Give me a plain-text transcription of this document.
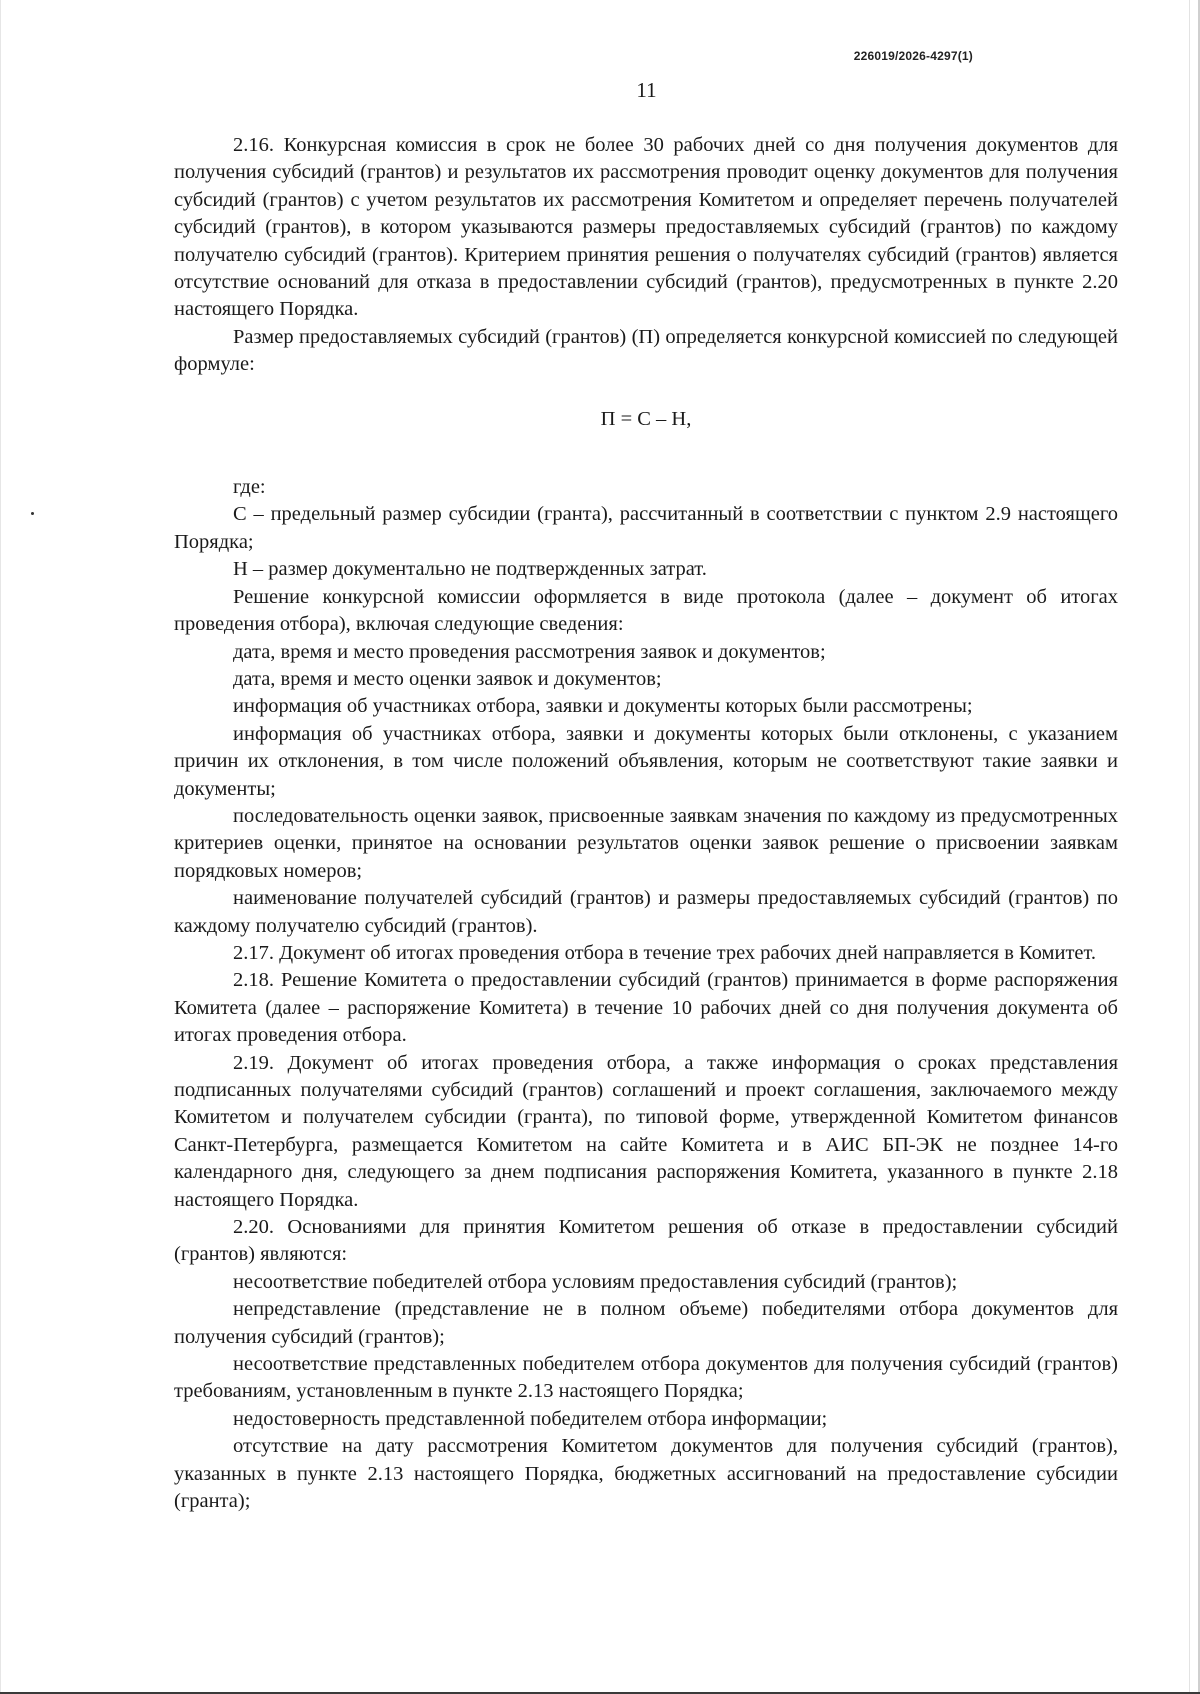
226019/2026-4297(1)
11

2.16. Конкурсная комиссия в срок не более 30 рабочих дней со дня получения документов для получения субсидий (грантов) и результатов их рассмотрения проводит оценку документов для получения субсидий (грантов) с учетом результатов их рассмотрения Комитетом и определяет перечень получателей субсидий (грантов), в котором указываются размеры предоставляемых субсидий (грантов) по каждому получателю субсидий (грантов). Критерием принятия решения о получателях субсидий (грантов) является отсутствие оснований для отказа в предоставлении субсидий (грантов), предусмотренных в пункте 2.20 настоящего Порядка.

Размер предоставляемых субсидий (грантов) (П) определяется конкурсной комиссией по следующей формуле:

П = С – Н,

где:

С – предельный размер субсидии (гранта), рассчитанный в соответствии с пунктом 2.9 настоящего Порядка;

Н – размер документально не подтвержденных затрат.

Решение конкурсной комиссии оформляется в виде протокола (далее – документ об итогах проведения отбора), включая следующие сведения:

дата, время и место проведения рассмотрения заявок и документов;

дата, время и место оценки заявок и документов;

информация об участниках отбора, заявки и документы которых были рассмотрены;

информация об участниках отбора, заявки и документы которых были отклонены, с указанием причин их отклонения, в том числе положений объявления, которым не соответствуют такие заявки и документы;

последовательность оценки заявок, присвоенные заявкам значения по каждому из предусмотренных критериев оценки, принятое на основании результатов оценки заявок решение о присвоении заявкам порядковых номеров;

наименование получателей субсидий (грантов) и размеры предоставляемых субсидий (грантов) по каждому получателю субсидий (грантов).

2.17. Документ об итогах проведения отбора в течение трех рабочих дней направляется в Комитет.

2.18. Решение Комитета о предоставлении субсидий (грантов) принимается в форме распоряжения Комитета (далее – распоряжение Комитета) в течение 10 рабочих дней со дня получения документа об итогах проведения отбора.

2.19. Документ об итогах проведения отбора, а также информация о сроках представления подписанных получателями субсидий (грантов) соглашений и проект соглашения, заключаемого между Комитетом и получателем субсидии (гранта), по типовой форме, утвержденной Комитетом финансов Санкт-Петербурга, размещается Комитетом на сайте Комитета и в АИС БП-ЭК не позднее 14-го календарного дня, следующего за днем подписания распоряжения Комитета, указанного в пункте 2.18 настоящего Порядка.

2.20. Основаниями для принятия Комитетом решения об отказе в предоставлении субсидий (грантов) являются:

несоответствие победителей отбора условиям предоставления субсидий (грантов);

непредставление (представление не в полном объеме) победителями отбора документов для получения субсидий (грантов);

несоответствие представленных победителем отбора документов для получения субсидий (грантов) требованиям, установленным в пункте 2.13 настоящего Порядка;

недостоверность представленной победителем отбора информации;

отсутствие на дату рассмотрения Комитетом документов для получения субсидий (грантов), указанных в пункте 2.13 настоящего Порядка, бюджетных ассигнований на предоставление субсидии (гранта);
